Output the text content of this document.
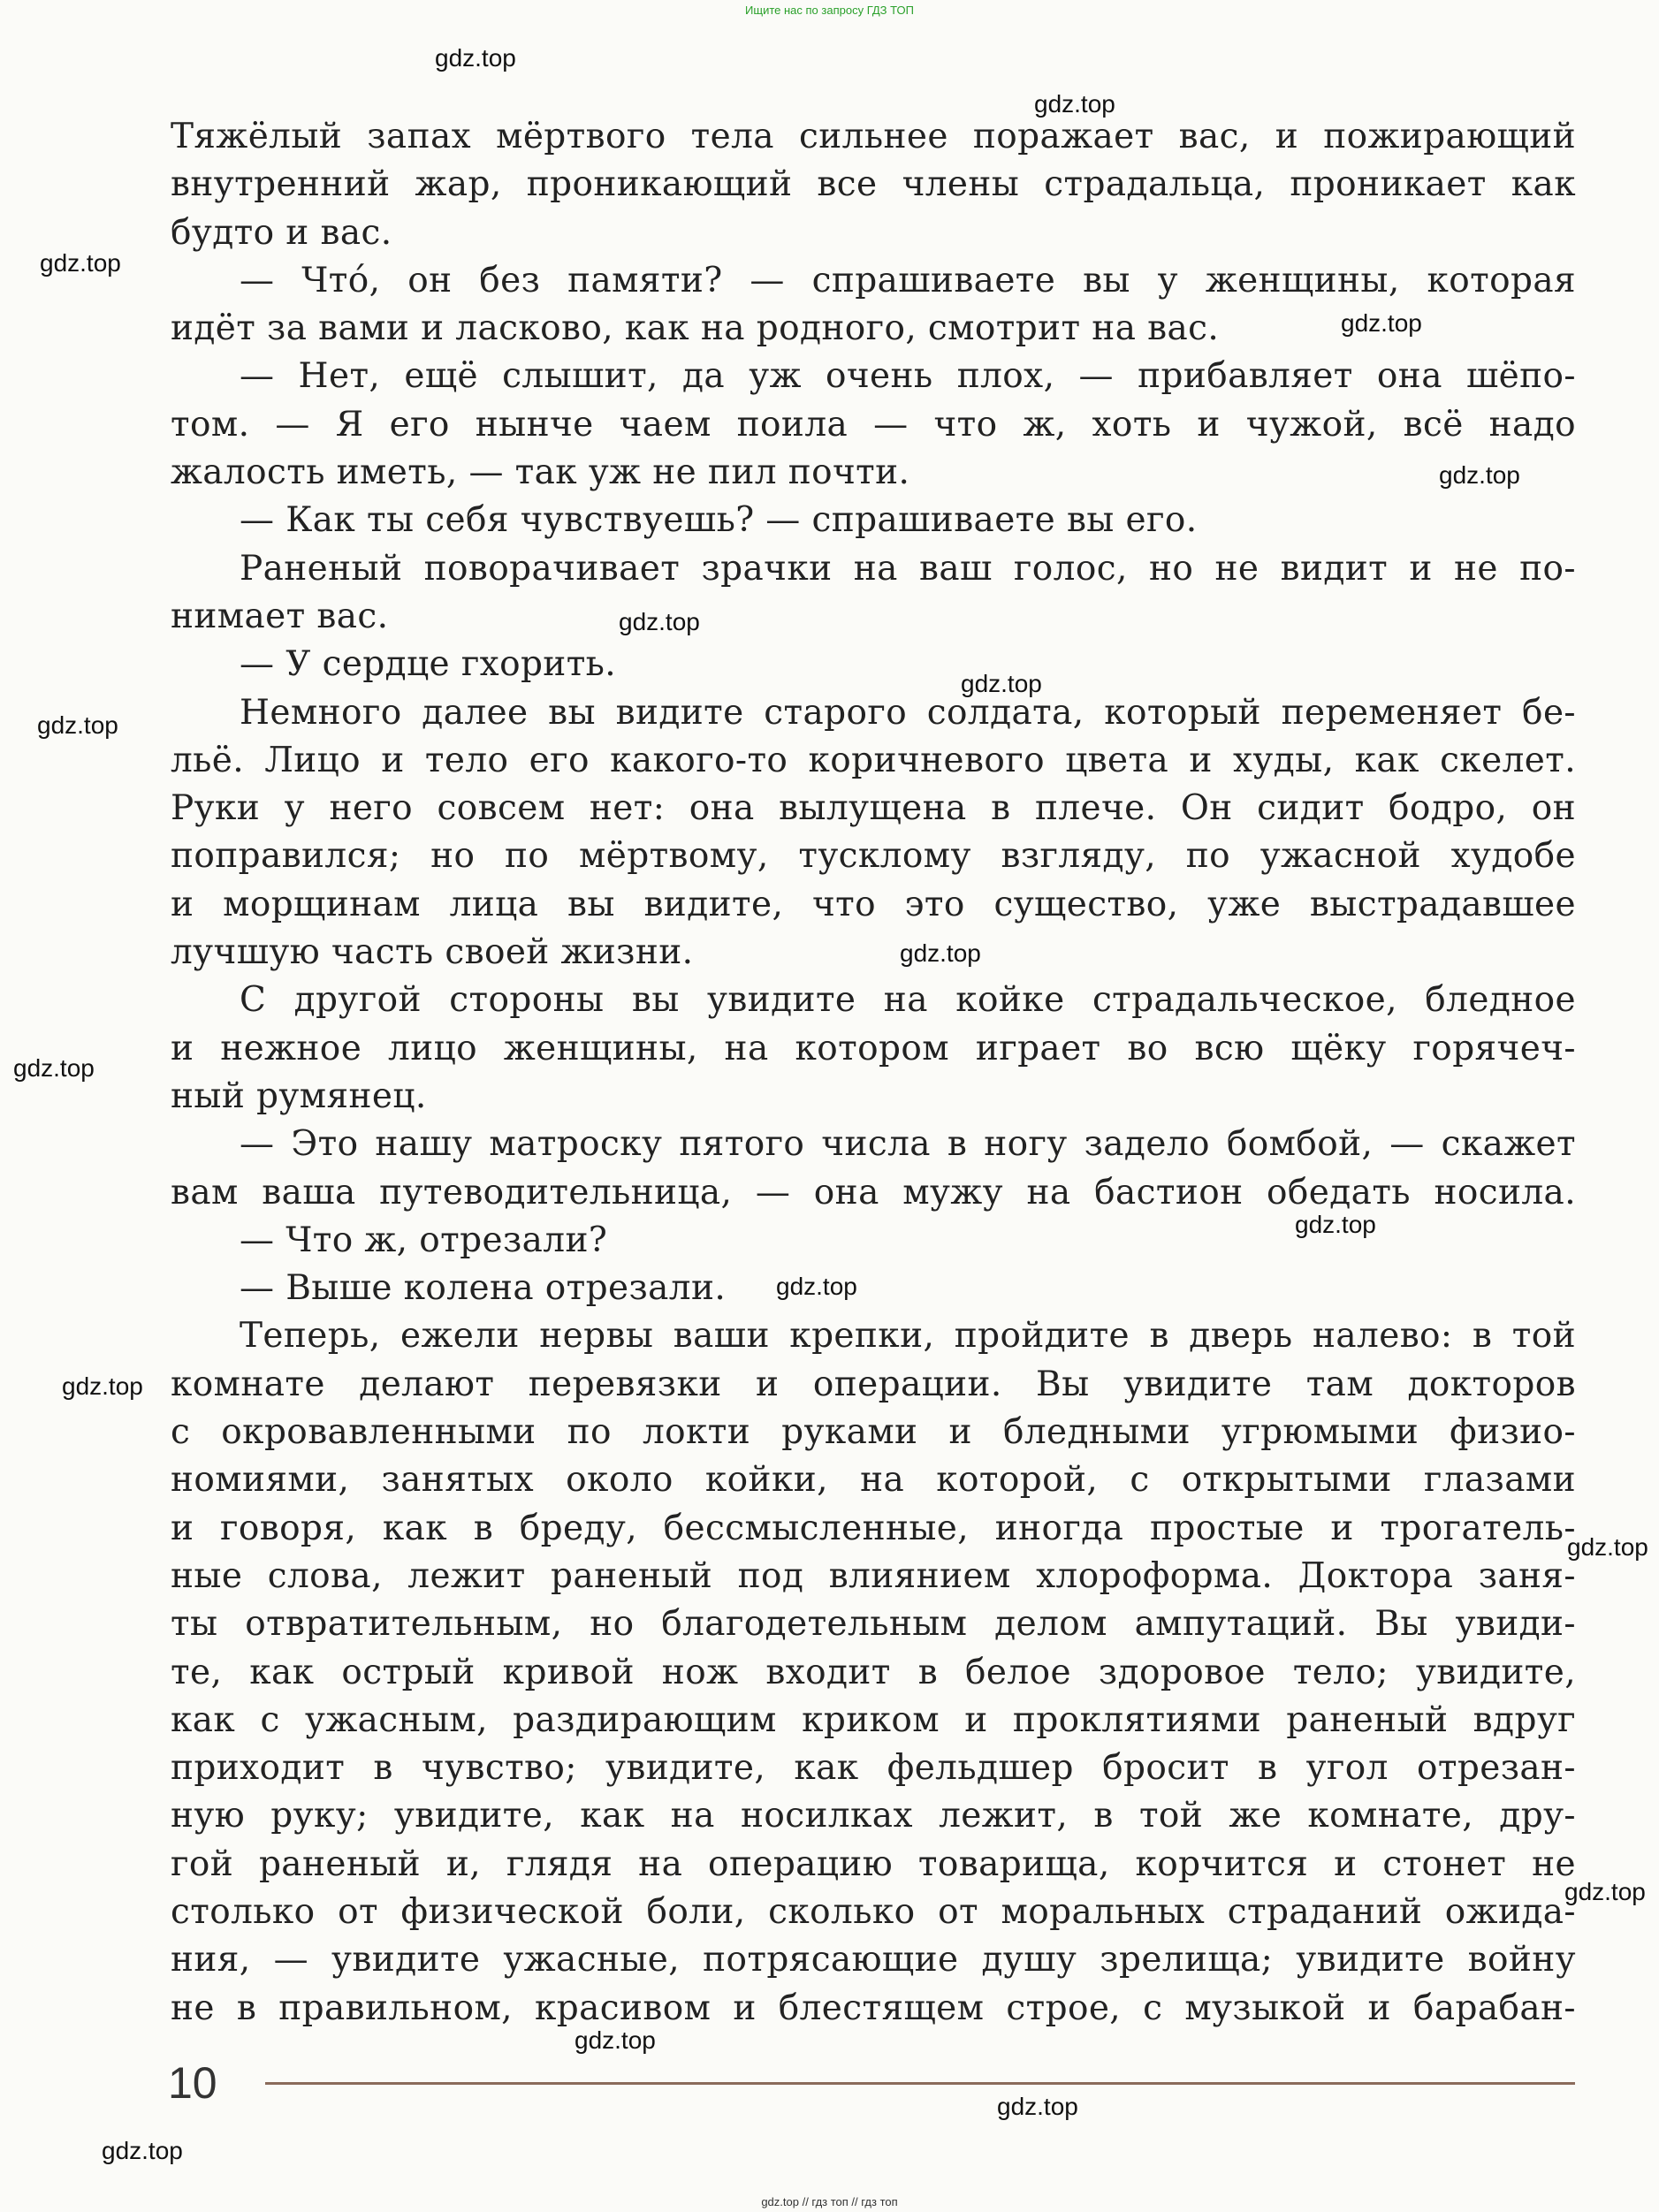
Ищите нас по запросу ГДЗ ТОП
Тяжёлый запах мёртвого тела сильнее поражает вас, и пожирающий
внутренний жар, проникающий все члены страдальца, проникает как
будто и вас.
— Что́, он без памяти? — спрашиваете вы у женщины, которая
идёт за вами и ласково, как на родного, смотрит на вас.
— Нет, ещё слышит, да уж очень плох, — прибавляет она шёпо-
том. — Я его нынче чаем поила — что ж, хоть и чужой, всё надо
жалость иметь, — так уж не пил почти.
— Как ты себя чувствуешь? — спрашиваете вы его.
Раненый поворачивает зрачки на ваш голос, но не видит и не по-
нимает вас.
— У сердце гхорить.
Немного далее вы видите старого солдата, который переменяет бе-
льё. Лицо и тело его какого-то коричневого цвета и худы, как скелет.
Руки у него совсем нет: она вылущена в плече. Он сидит бодро, он
поправился; но по мёртвому, тусклому взгляду, по ужасной худобе
и морщинам лица вы видите, что это существо, уже выстрадавшее
лучшую часть своей жизни.
С другой стороны вы увидите на койке страдальческое, бледное
и нежное лицо женщины, на котором играет во всю щёку горячеч-
ный румянец.
— Это нашу матроску пятого числа в ногу задело бомбой, — скажет
вам ваша путеводительница, — она мужу на бастион обедать носила.
— Что ж, отрезали?
— Выше колена отрезали.
Теперь, ежели нервы ваши крепки, пройдите в дверь налево: в той
комнате делают перевязки и операции. Вы увидите там докторов
с окровавленными по локти руками и бледными угрюмыми физио-
номиями, занятых около койки, на которой, с открытыми глазами
и говоря, как в бреду, бессмысленные, иногда простые и трогатель-
ные слова, лежит раненый под влиянием хлороформа. Доктора заня-
ты отвратительным, но благодетельным делом ампутаций. Вы увиди-
те, как острый кривой нож входит в белое здоровое тело; увидите,
как с ужасным, раздирающим криком и проклятиями раненый вдруг
приходит в чувство; увидите, как фельдшер бросит в угол отрезан-
ную руку; увидите, как на носилках лежит, в той же комнате, дру-
гой раненый и, глядя на операцию товарища, корчится и стонет не
столько от физической боли, сколько от моральных страданий ожида-
ния, — увидите ужасные, потрясающие душу зрелища; увидите войну
не в правильном, красивом и блестящем строе, с музыкой и барабан-
gdz.top
gdz.top
gdz.top
gdz.top
gdz.top
gdz.top
gdz.top
gdz.top
gdz.top
gdz.top
gdz.top
gdz.top
gdz.top
gdz.top
gdz.top
gdz.top
gdz.top
gdz.top
10
gdz.top // гдз топ // гдз топ
